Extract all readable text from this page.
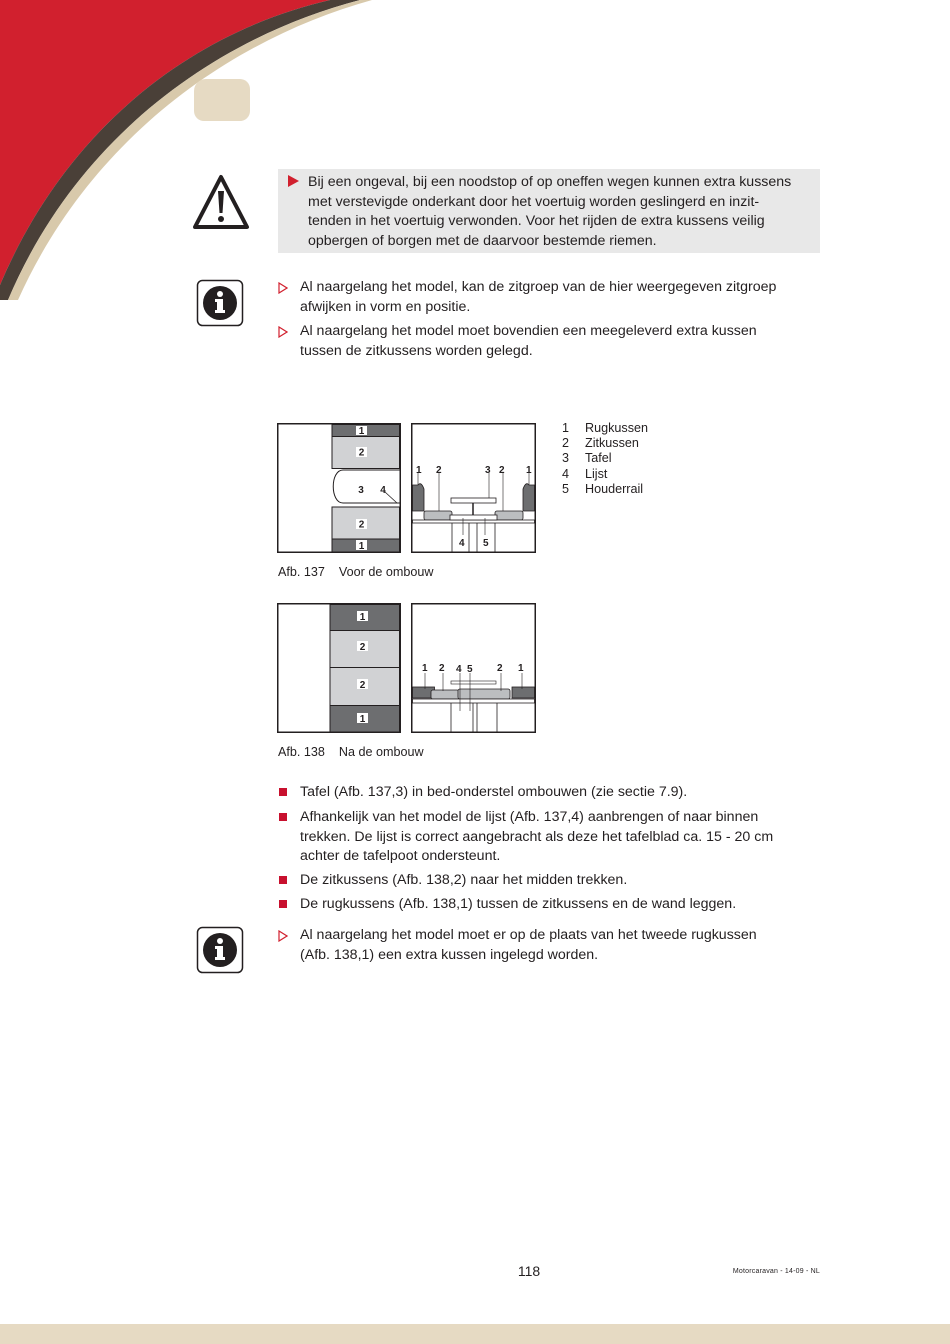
Bij een ongeval, bij een noodstop of op oneffen wegen kunnen extra kussens
met verstevigde onderkant door het voertuig worden geslingerd en inzit-
tenden in het voertuig verwonden. Voor het rijden de extra kussens veilig
opbergen of borgen met de daarvoor bestemde riemen.

Al naargelang het model, kan de zitgroep van de hier weergegeven zitgroep
afwijken in vorm en positie.

Al naargelang het model moet bovendien een meegeleverd extra kussen
tussen de zitkussens worden gelegd.

1
2
3 4
2
1
1 2	3 2 1
4 5
1 Rugkussen
2 Zitkussen
3 Tafel
4 Lijst
5 Houderrail
Afb. 137 Voor de ombouw
1
2
2
1
1 2 4 5 2 1
Afb. 138 Na de ombouw

Tafel (Afb. 137,3) in bed-onderstel ombouwen (zie sectie 7.9).

Afhankelijk van het model de lijst (Afb. 137,4) aanbrengen of naar binnen
trekken. De lijst is correct aangebracht als deze het tafelblad ca. 15 - 20 cm
achter de tafelpoot ondersteunt.

De zitkussens (Afb. 138,2) naar het midden trekken.

De rugkussens (Afb. 138,1) tussen de zitkussens en de wand leggen.

Al naargelang het model moet er op de plaats van het tweede rugkussen
(Afb. 138,1) een extra kussen ingelegd worden.

118	Motorcaravan - 14-09 - NL
